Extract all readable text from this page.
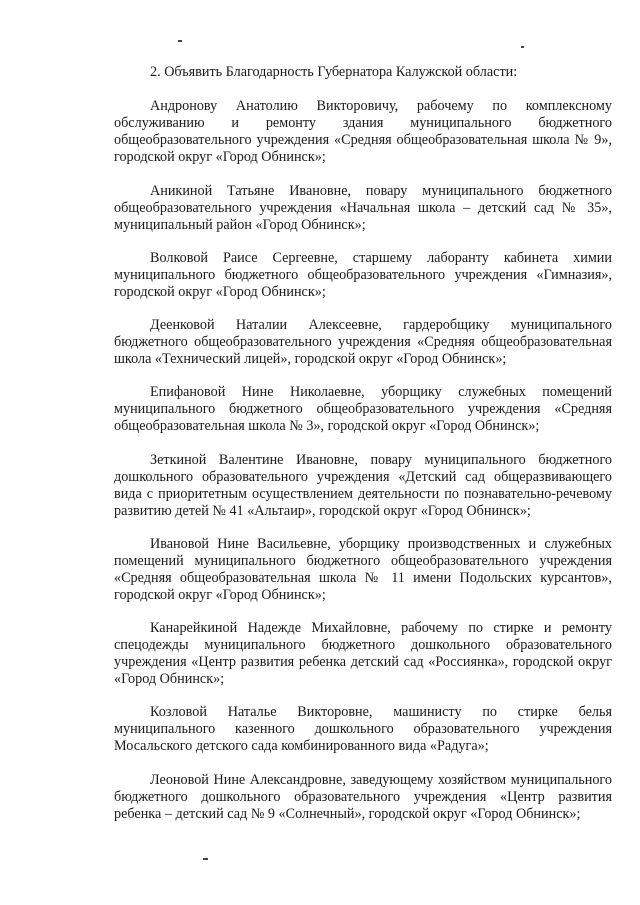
2. Объявить Благодарность Губернатора Калужской области:
Андронову Анатолию Викторовичу, рабочему по комплексному обслуживанию и ремонту здания муниципального бюджетного общеобразовательного учреждения «Средняя общеобразовательная школа № 9», городской округ «Город Обнинск»;
Аникиной Татьяне Ивановне, повару муниципального бюджетного общеобразовательного учреждения «Начальная школа – детский сад № 35», муниципальный район «Город Обнинск»;
Волковой Раисе Сергеевне, старшему лаборанту кабинета химии муниципального бюджетного общеобразовательного учреждения «Гимназия», городской округ «Город Обнинск»;
Деенковой Наталии Алексеевне, гардеробщику муниципального бюджетного общеобразовательного учреждения «Средняя общеобразовательная школа «Технический лицей», городской округ «Город Обнинск»;
Епифановой Нине Николаевне, уборщику служебных помещений муниципального бюджетного общеобразовательного учреждения «Средняя общеобразовательная школа № 3», городской округ «Город Обнинск»;
Зеткиной Валентине Ивановне, повару муниципального бюджетного дошкольного образовательного учреждения «Детский сад общеразвивающего вида с приоритетным осуществлением деятельности по познавательно-речевому развитию детей № 41 «Альтаир», городской округ «Город Обнинск»;
Ивановой Нине Васильевне, уборщику производственных и служебных помещений муниципального бюджетного общеобразовательного учреждения «Средняя общеобразовательная школа № 11 имени Подольских курсантов», городской округ «Город Обнинск»;
Канарейкиной Надежде Михайловне, рабочему по стирке и ремонту спецодежды муниципального бюджетного дошкольного образовательного учреждения «Центр развития ребенка детский сад «Россиянка», городской округ «Город Обнинск»;
Козловой Наталье Викторовне, машинисту по стирке белья муниципального казенного дошкольного образовательного учреждения Мосальского детского сада комбинированного вида «Радуга»;
Леоновой Нине Александровне, заведующему хозяйством муниципального бюджетного дошкольного образовательного учреждения «Центр развития ребенка – детский сад № 9 «Солнечный», городской округ «Город Обнинск»;
